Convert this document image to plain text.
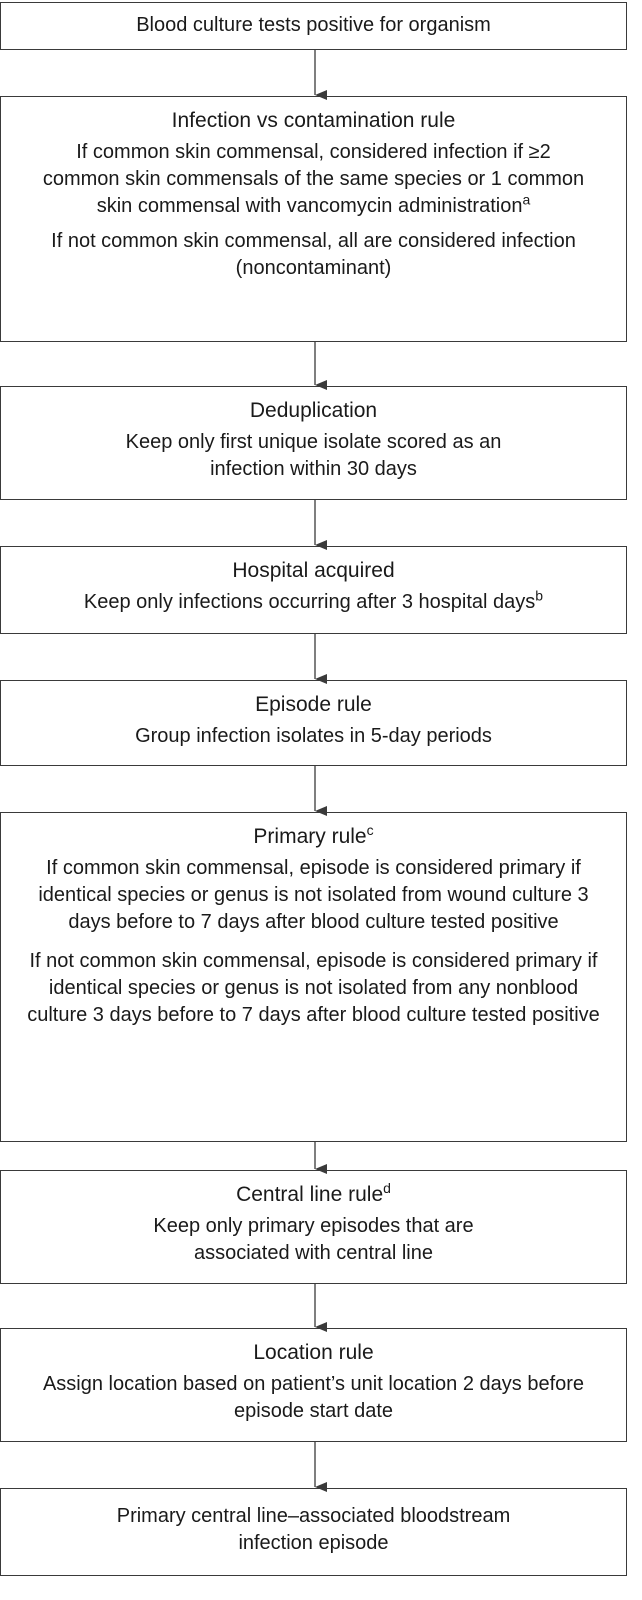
Blood culture tests positive for organism

Infection vs contamination rule

If common skin commensal, considered infection if ≥2 common skin commensals of the same species or 1 common skin commensal with vancomycin administration$^a$

If not common skin commensal, all are considered infection (noncontaminant)

Deduplication

Keep only first unique isolate scored as an infection within 30 days

Hospital acquired

Keep only infections occurring after 3 hospital days$^b$

Episode rule

Group infection isolates in 5-day periods

Primary rule$^c$

If common skin commensal, episode is considered primary if identical species or genus is not isolated from wound culture 3 days before to 7 days after blood culture tested positive

If not common skin commensal, episode is considered primary if identical species or genus is not isolated from any nonblood culture 3 days before to 7 days after blood culture tested positive

Central line rule$^d$

Keep only primary episodes that are associated with central line

Location rule

Assign location based on patient’s unit location 2 days before episode start date

Primary central line–associated bloodstream infection episode
